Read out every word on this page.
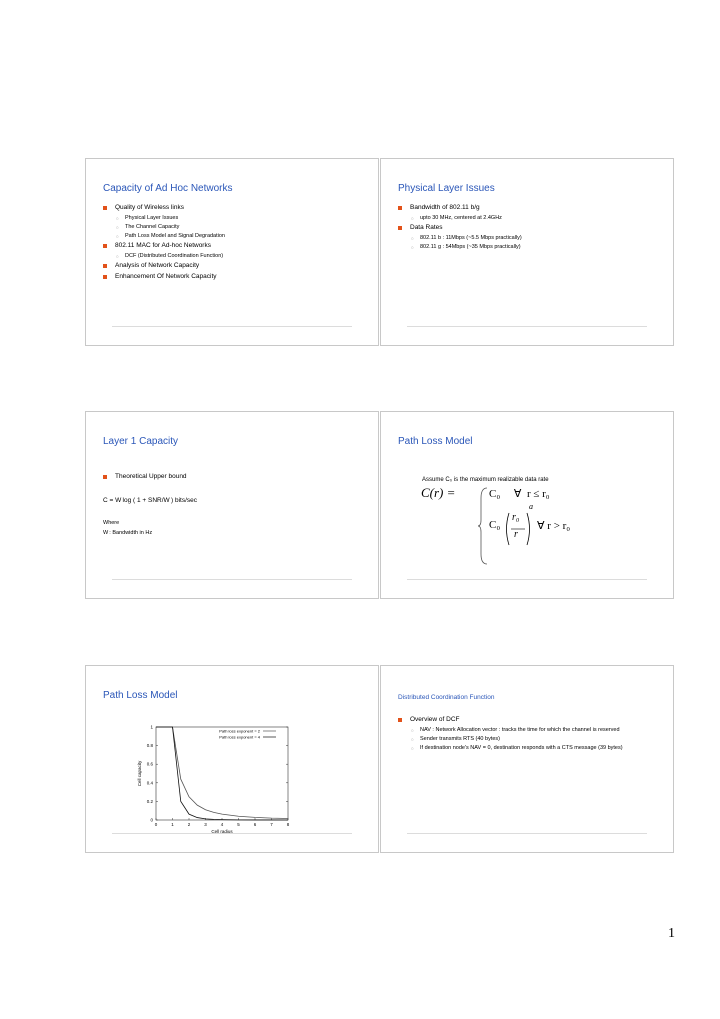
Capacity of Ad Hoc Networks
Quality of Wireless links
○ Physical Layer Issues
○ The Channel Capacity
○ Path Loss Model and Signal Degradation
802.11 MAC for Ad-hoc Networks
○ DCF (Distributed Coordination Function)
Analysis of Network Capacity
Enhancement Of Network Capacity
Physical Layer Issues
Bandwidth of 802.11 b/g
○ upto 30 MHz, centered at 2.4GHz
Data Rates
○ 802.11 b : 11Mbps (~5.5 Mbps practically)
○ 802.11 g : 54Mbps (~35 Mbps practically)
Layer 1 Capacity
Theoretical Upper bound
C = W log ( 1 + SNR/W ) bits/sec
Where
W : Bandwidth in Hz
Path Loss Model
Assume C₀ is the maximum realizable data rate
C(r) =	C₀     ∀  r ≤ r₀
C₀
r₀
r
a
∀ r > r₀
Path Loss Model
1
0.8
0.6
0.4
0.2
0
0	1	2	3	4	5	6	7	8
Cell radius
Cell capacity
Path loss exponent = 2
Path loss exponent = 4
Distributed Coordination Function
Overview of DCF
○ NAV : Network Allocation vector : tracks the time for which the channel is reserved
○ Sender transmits RTS (40 bytes)
○ If destination node's NAV = 0, destination responds with a CTS message (39 bytes)
1
